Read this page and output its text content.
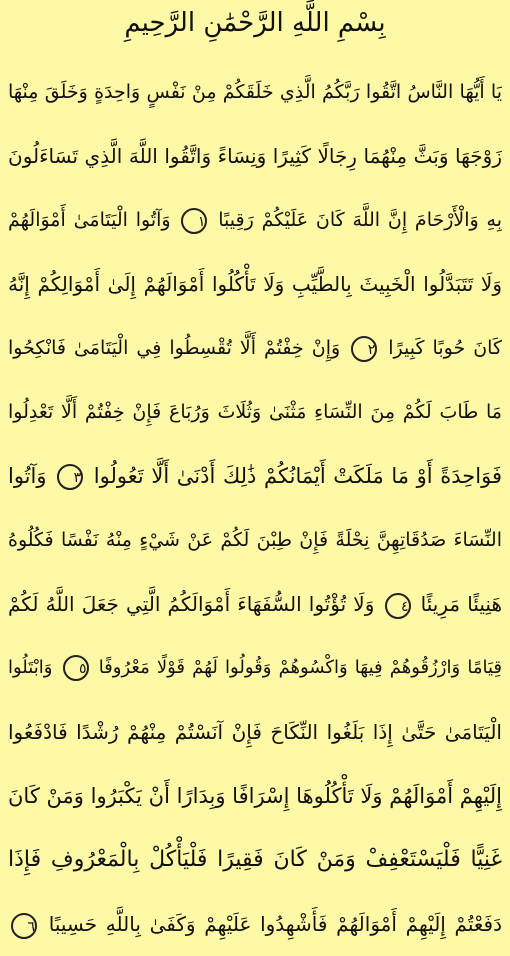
بِسْمِ اللَّهِ الرَّحْمَٰنِ الرَّحِيمِ
يَا أَيُّهَا النَّاسُ اتَّقُوا رَبَّكُمُ الَّذِي خَلَقَكُمْ مِنْ نَفْسٍ وَاحِدَةٍ وَخَلَقَ مِنْهَا
زَوْجَهَا وَبَثَّ مِنْهُمَا رِجَالًا كَثِيرًا وَنِسَاءً وَاتَّقُوا اللَّهَ الَّذِي تَسَاءَلُونَ
بِهِ وَالْأَرْحَامَ إِنَّ اللَّهَ كَانَ عَلَيْكُمْ رَقِيبًا ١ وَآتُوا الْيَتَامَىٰ أَمْوَالَهُمْ
وَلَا تَتَبَدَّلُوا الْخَبِيثَ بِالطَّيِّبِ وَلَا تَأْكُلُوا أَمْوَالَهُمْ إِلَىٰ أَمْوَالِكُمْ إِنَّهُ
كَانَ حُوبًا كَبِيرًا ٢ وَإِنْ خِفْتُمْ أَلَّا تُقْسِطُوا فِي الْيَتَامَىٰ فَانْكِحُوا
مَا طَابَ لَكُمْ مِنَ النِّسَاءِ مَثْنَىٰ وَثُلَاثَ وَرُبَاعَ فَإِنْ خِفْتُمْ أَلَّا تَعْدِلُوا
فَوَاحِدَةً أَوْ مَا مَلَكَتْ أَيْمَانُكُمْ ذَٰلِكَ أَدْنَىٰ أَلَّا تَعُولُوا ٣ وَآتُوا
النِّسَاءَ صَدُقَاتِهِنَّ نِحْلَةً فَإِنْ طِبْنَ لَكُمْ عَنْ شَيْءٍ مِنْهُ نَفْسًا فَكُلُوهُ
هَنِيئًا مَرِيئًا ٤ وَلَا تُؤْتُوا السُّفَهَاءَ أَمْوَالَكُمُ الَّتِي جَعَلَ اللَّهُ لَكُمْ
قِيَامًا وَارْزُقُوهُمْ فِيهَا وَاكْسُوهُمْ وَقُولُوا لَهُمْ قَوْلًا مَعْرُوفًا ٥ وَابْتَلُوا
الْيَتَامَىٰ حَتَّىٰ إِذَا بَلَغُوا النِّكَاحَ فَإِنْ آنَسْتُمْ مِنْهُمْ رُشْدًا فَادْفَعُوا
إِلَيْهِمْ أَمْوَالَهُمْ وَلَا تَأْكُلُوهَا إِسْرَافًا وَبِدَارًا أَنْ يَكْبَرُوا وَمَنْ كَانَ
غَنِيًّا فَلْيَسْتَعْفِفْ وَمَنْ كَانَ فَقِيرًا فَلْيَأْكُلْ بِالْمَعْرُوفِ فَإِذَا
دَفَعْتُمْ إِلَيْهِمْ أَمْوَالَهُمْ فَأَشْهِدُوا عَلَيْهِمْ وَكَفَىٰ بِاللَّهِ حَسِيبًا ٦
